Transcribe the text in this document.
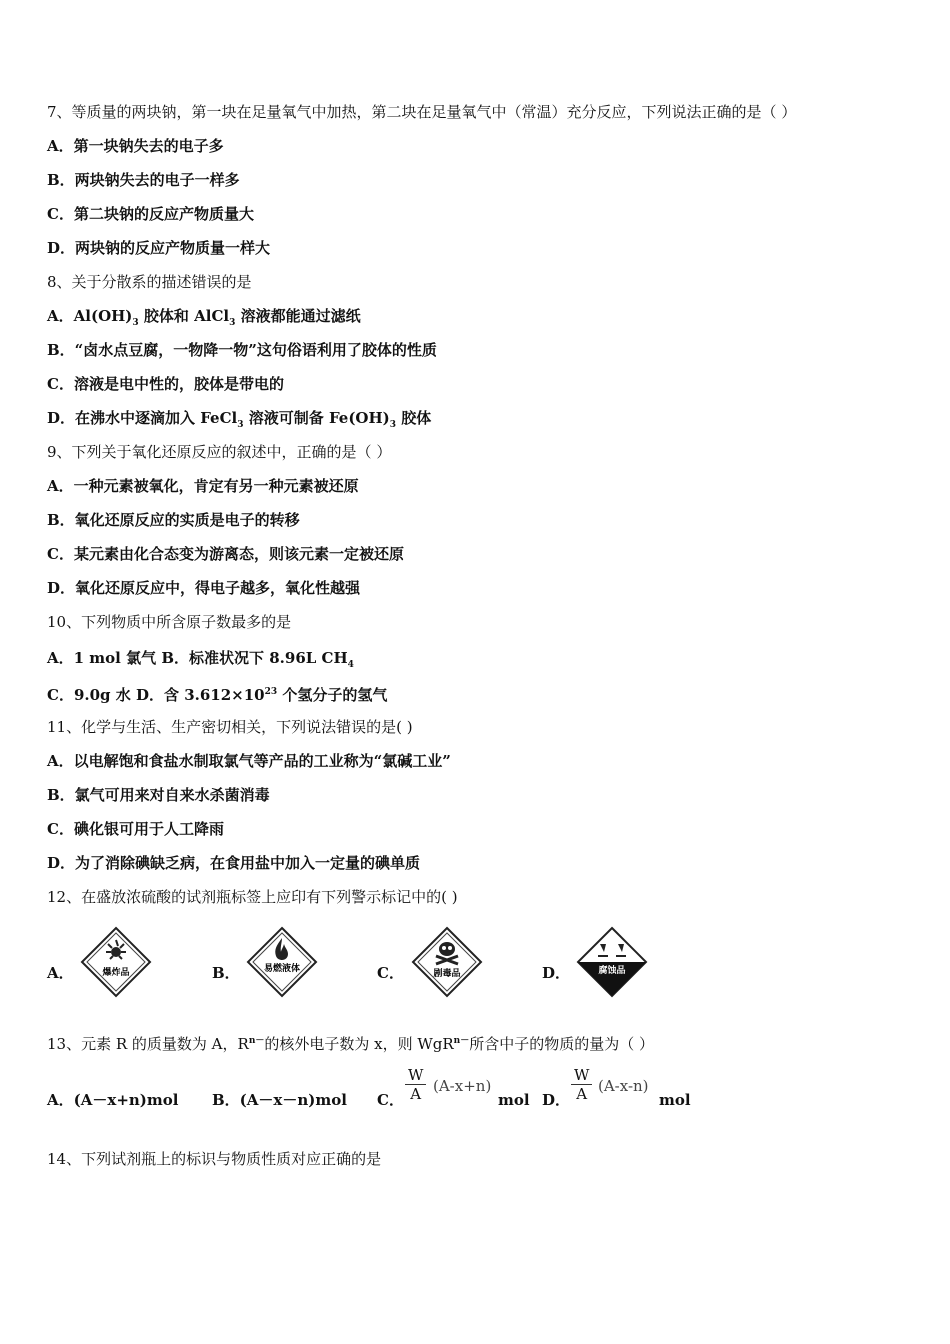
7、等质量的两块钠，第一块在足量氧气中加热，第二块在足量氧气中（常温）充分反应，下列说法正确的是（ ）
A．第一块钠失去的电子多
B．两块钠失去的电子一样多
C．第二块钠的反应产物质量大
D．两块钠的反应产物质量一样大
8、关于分散系的描述错误的是
A．$Al(OH)_3$ 胶体和 AlCl$_3$ 溶液都能通过滤纸
B．“卤水点豆腐，一物降一物”这句俗语利用了胶体的性质
C．溶液是电中性的，胶体是带电的
D．在沸水中逐滴加入 FeCl$_3$ 溶液可制备 $Fe(OH)_3$ 胶体
9、下列关于氧化还原反应的叙述中，正确的是（ ）
A．一种元素被氧化，肯定有另一种元素被还原
B．氧化还原反应的实质是电子的转移
C．某元素由化合态变为游离态，则该元素一定被还原
D．氧化还原反应中，得电子越多，氧化性越强
10、下列物质中所含原子数最多的是
A．1 mol 氯气 B．标准状况下 8.96L $CH_4$
C．9.0g 水 D．含 $3.612\times 10^{23}$ 个氢分子的氢气
11、化学与生活、生产密切相关，下列说法错误的是( )
A．以电解饱和食盐水制取氯气等产品的工业称为“氯碱工业”
B．氯气可用来对自来水杀菌消毒
C．碘化银可用于人工降雨
D．为了消除碘缺乏病，在食用盐中加入一定量的碘单质
12、在盛放浓硫酸的试剂瓶标签上应印有下列警示标记中的( )
A．	爆炸品	B．	易燃液体	C．	剧毒品	D．	腐蚀品
13、元素 R 的质量数为 A，$R^{n-}$的核外电子数为 x，则 WgR$^{n-}$所含中子的物质的量为（ ）
A．(A－x+n)mol B．(A－x－n)mol C． $\frac{W}{A} (A-x+n)$
mol D． $\frac{W}{A} (A-x-n)$
mol
14、下列试剂瓶上的标识与物质性质对应正确的是
